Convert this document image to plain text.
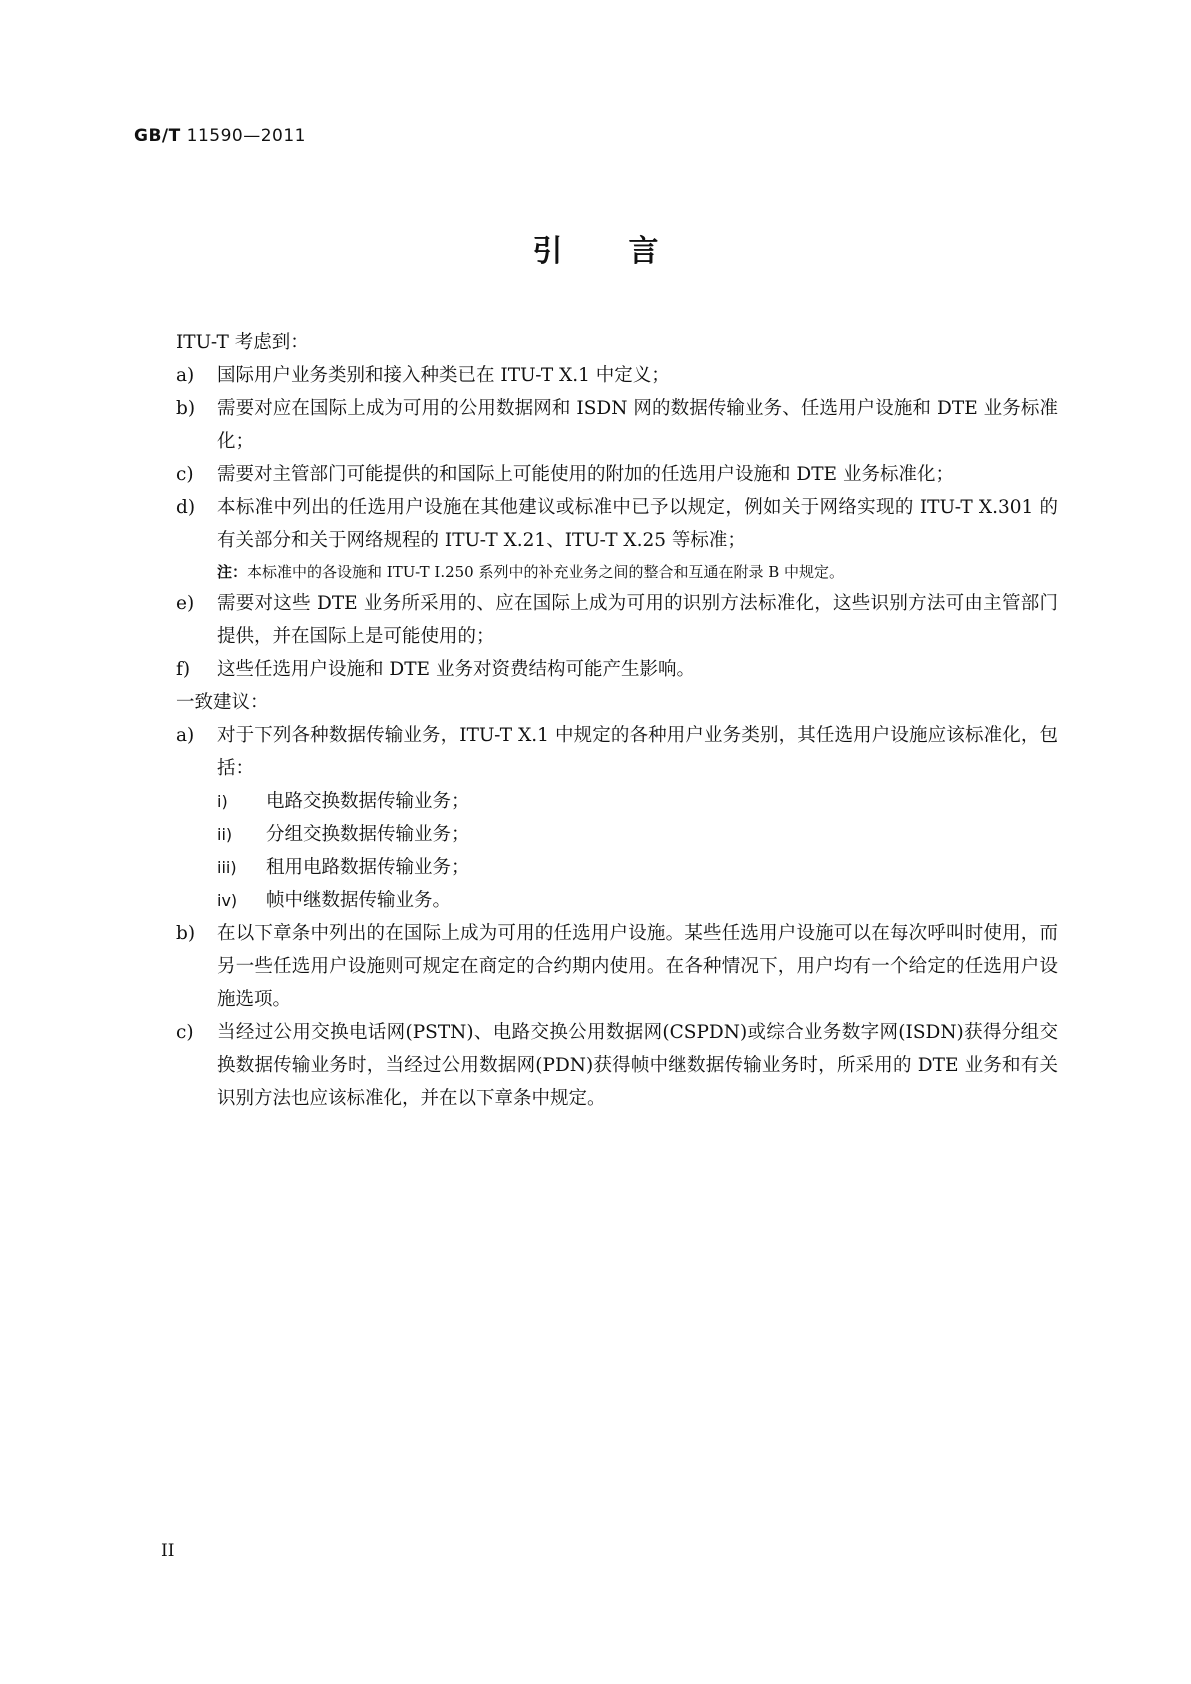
GB/T 11590—2011
引 言

ITU-T 考虑到：

a)	国际用户业务类别和接入种类已在 ITU-T X.1 中定义；
b)	需要对应在国际上成为可用的公用数据网和 ISDN 网的数据传输业务、任选用户设施和 DTE 业务标准化；
c)	需要对主管部门可能提供的和国际上可能使用的附加的任选用户设施和 DTE 业务标准化；
d)	本标准中列出的任选用户设施在其他建议或标准中已予以规定，例如关于网络实现的 ITU-T X.301 的有关部分和关于网络规程的 ITU-T X.21、ITU-T X.25 等标准；
注：本标准中的各设施和 ITU-T I.250 系列中的补充业务之间的整合和互通在附录 B 中规定。
e)	需要对这些 DTE 业务所采用的、应在国际上成为可用的识别方法标准化，这些识别方法可由主管部门提供，并在国际上是可能使用的；
f)	这些任选用户设施和 DTE 业务对资费结构可能产生影响。

一致建议：

a)	对于下列各种数据传输业务，ITU-T X.1 中规定的各种用户业务类别，其任选用户设施应该标准化，包括：
i)	电路交换数据传输业务；
ii)	分组交换数据传输业务；
iii)	租用电路数据传输业务；
iv)	帧中继数据传输业务。
b)	在以下章条中列出的在国际上成为可用的任选用户设施。某些任选用户设施可以在每次呼叫时使用，而另一些任选用户设施则可规定在商定的合约期内使用。在各种情况下，用户均有一个给定的任选用户设施选项。
c)	当经过公用交换电话网(PSTN)、电路交换公用数据网(CSPDN)或综合业务数字网(ISDN)获得分组交换数据传输业务时，当经过公用数据网(PDN)获得帧中继数据传输业务时，所采用的 DTE 业务和有关识别方法也应该标准化，并在以下章条中规定。
II
